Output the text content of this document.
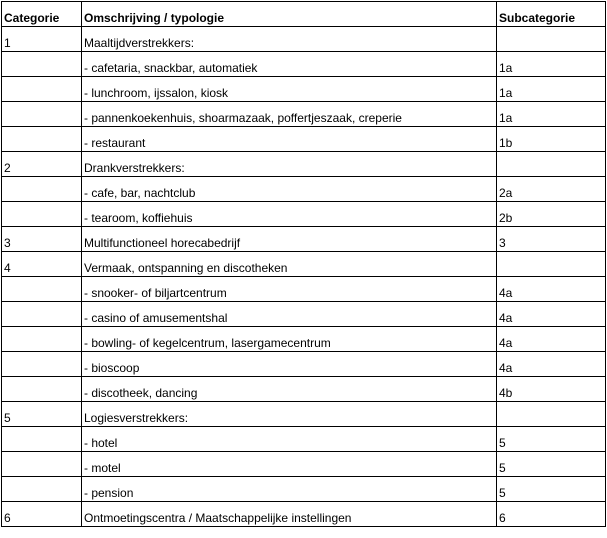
Categorie	Omschrijving / typologie	Subcategorie
1	Maaltijdverstrekkers:	
	- cafetaria, snackbar, automatiek	1a
	- lunchroom, ijssalon, kiosk	1a
	- pannenkoekenhuis, shoarmazaak, poffertjeszaak, creperie	1a
	- restaurant	1b
2	Drankverstrekkers:	
	- cafe, bar, nachtclub	2a
	- tearoom, koffiehuis	2b
3	Multifunctioneel horecabedrijf	3
4	Vermaak, ontspanning en discotheken	
	- snooker- of biljartcentrum	4a
	- casino of amusementshal	4a
	- bowling- of kegelcentrum, lasergamecentrum	4a
	- bioscoop	4a
	- discotheek, dancing	4b
5	Logiesverstrekkers:	
	- hotel	5
	- motel	5
	- pension	5
6	Ontmoetingscentra / Maatschappelijke instellingen	6
